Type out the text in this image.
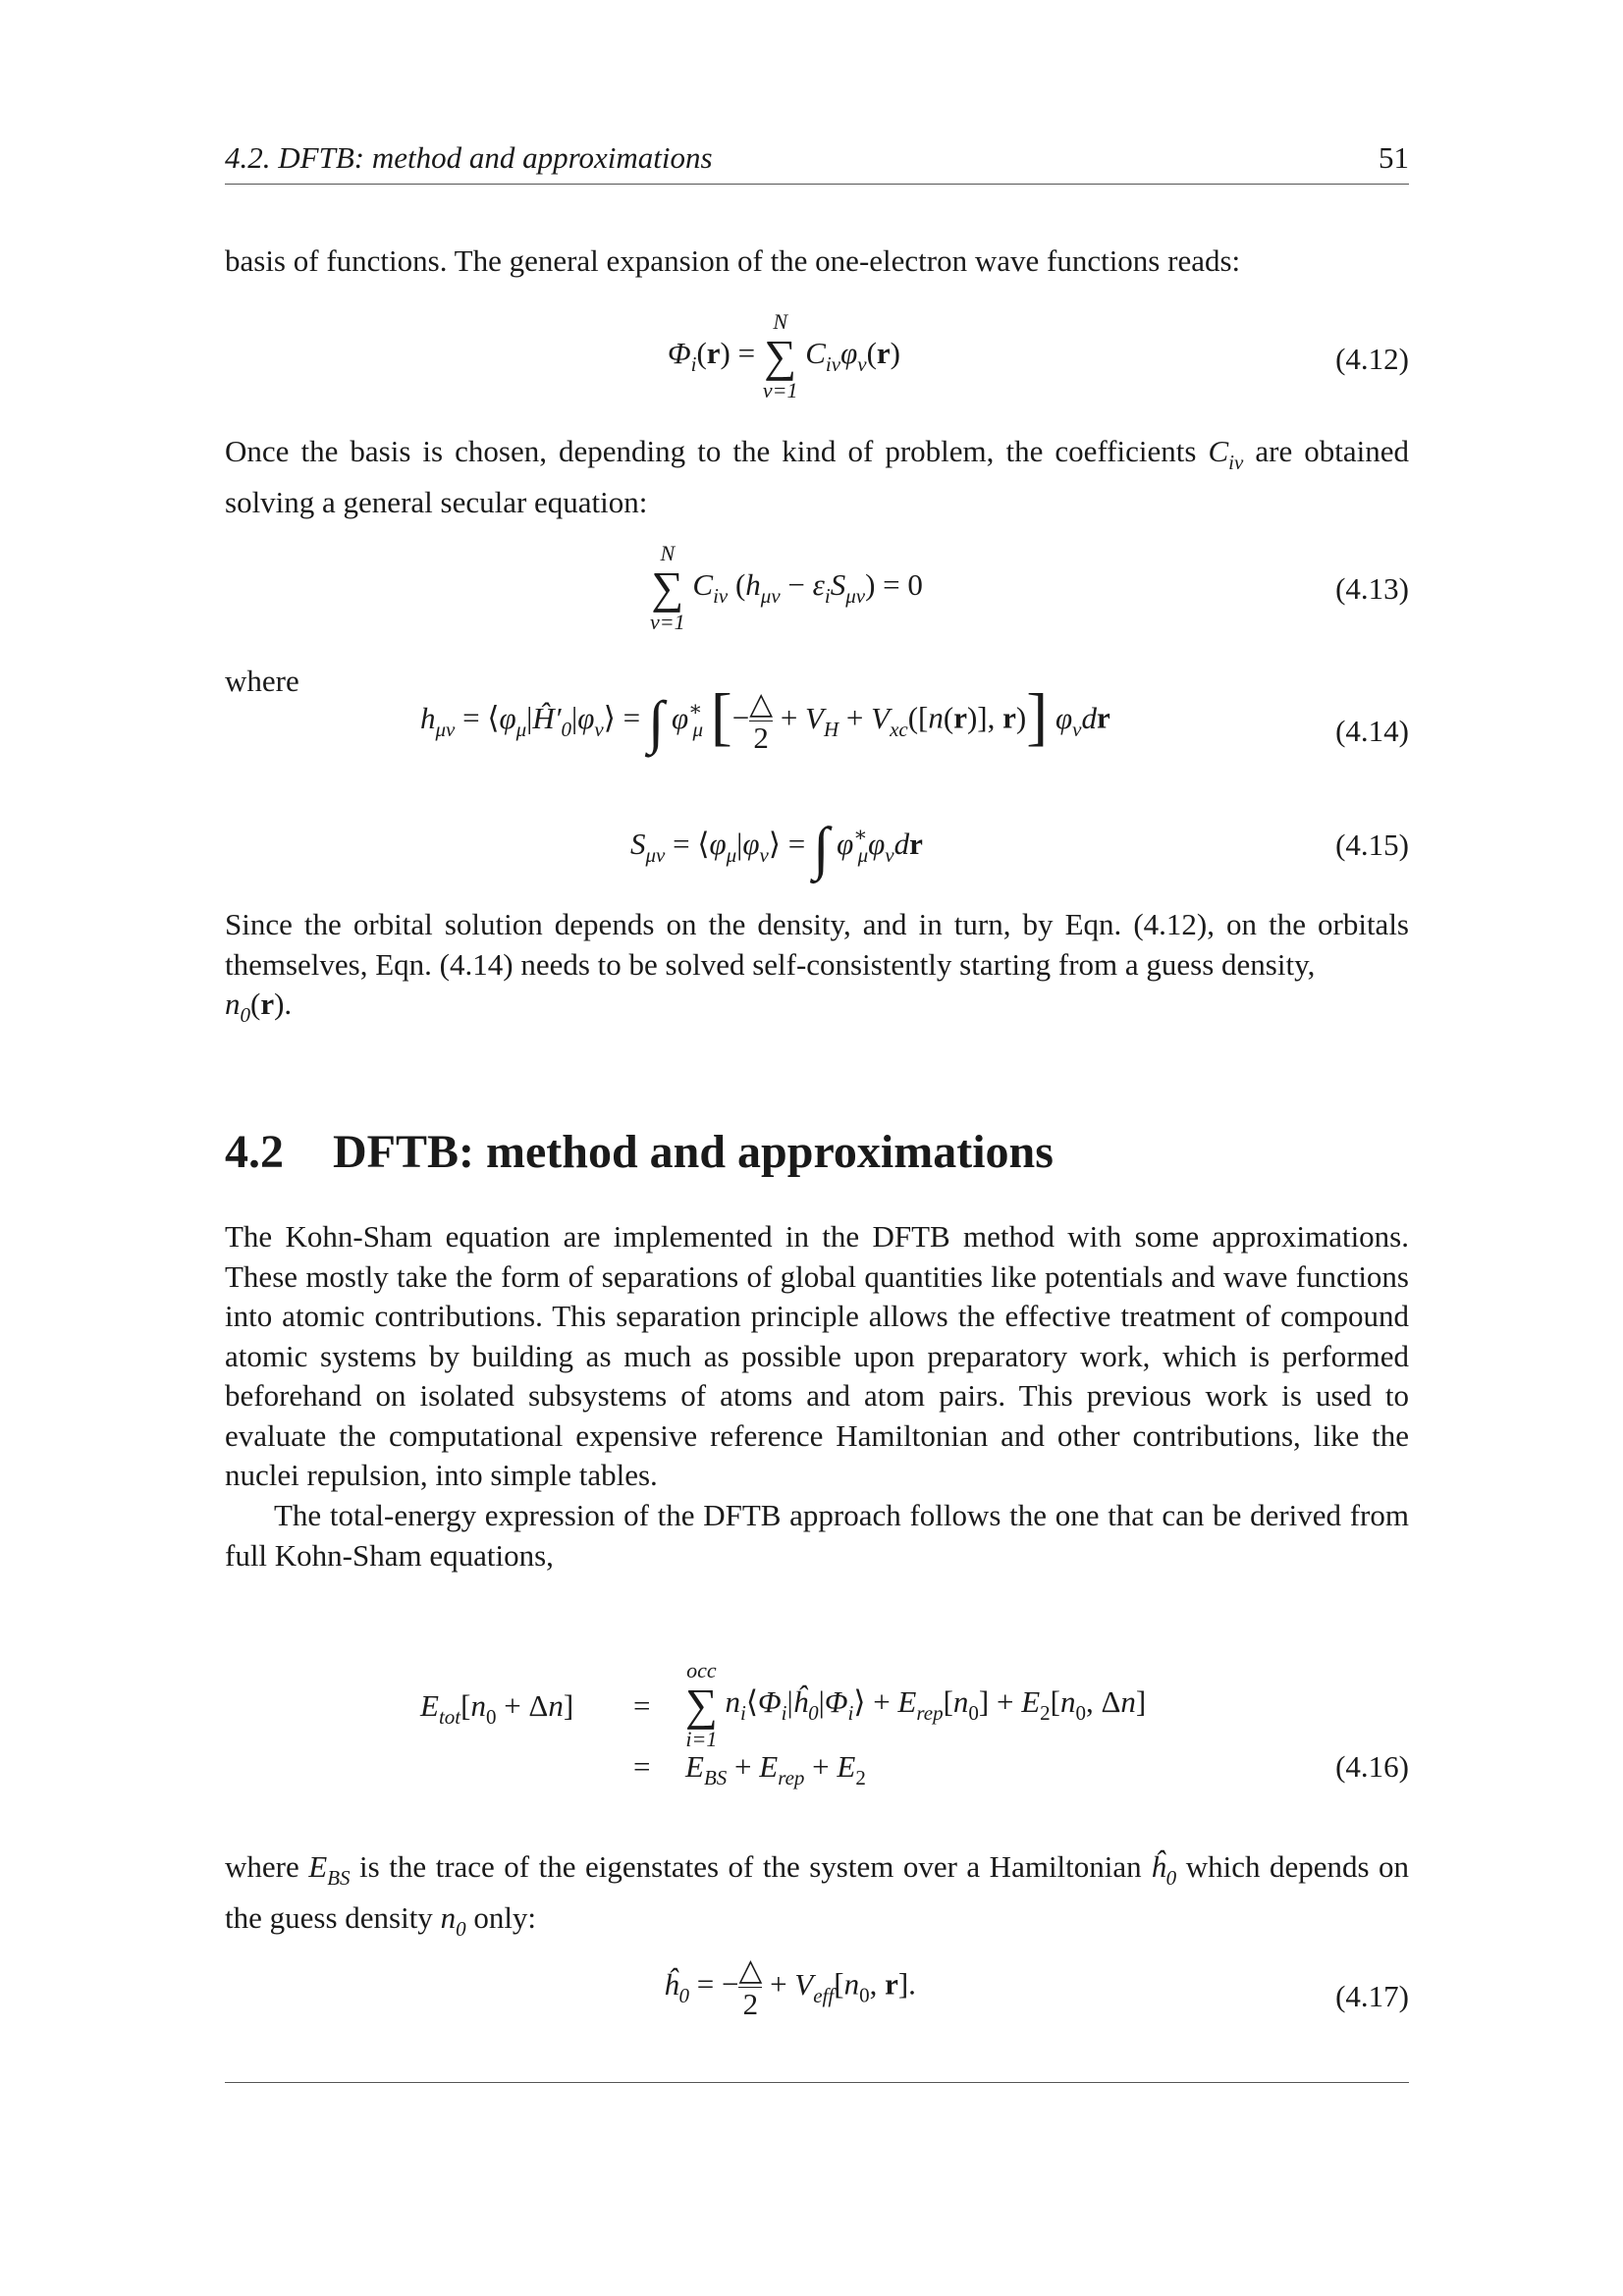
4.2. DFTB: method and approximations	51

basis of functions. The general expansion of the one-electron wave functions reads:

$\Phi_i(r)$ =
N
∑
ν=1
$C_{i\nu}\varphi_\nu(r)$	(4.12)

Once the basis is chosen, depending to the kind of problem, the coefficients $C_{i\nu}$ are obtained solving a general secular equation:

N
∑
ν=1
$C_{i\nu}$ $(h_{\mu\nu} - \varepsilon_iS_{\mu\nu}) = 0$	(4.13)

where

$h_{\mu\nu}$ = $⟨\varphi_\mu|Ĥ'_0|\varphi_\nu⟩$ = ∫ $\varphi^∗_\mu$ [− $\frac{\triangle}{2} + V_H + V_{xc}([n(r)]$, r)] $\varphi_\nu dr$	(4.14)
$S_{\mu\nu}$ = $⟨\varphi_\mu|\varphi_\nu⟩$ = ∫ $\varphi^∗_\mu\varphi_\nu dr$	(4.15)

Since the orbital solution depends on the density, and in turn, by Eqn. (4.12), on the orbitals themselves, Eqn. (4.14) needs to be solved self-consistently starting from a guess density,
$n_0(r)$.

4.2 DFTB: method and approximations

The Kohn-Sham equation are implemented in the DFTB method with some approximations. These mostly take the form of separations of global quantities like potentials and wave functions into atomic contributions. This separation principle allows the effective treatment of compound atomic systems by building as much as possible upon preparatory work, which is performed beforehand on isolated subsystems of atoms and atom pairs. This previous work is used to evaluate the computational expensive reference Hamiltonian and other contributions, like the nuclei repulsion, into simple tables.

The total-energy expression of the DFTB approach follows the one that can be derived from full Kohn-Sham equations,

$E_{tot}[n_0 + \Delta n]$ =
occ
∑
i=1
$n_i⟨\Phi_i|ĥ_0|\Phi_i⟩ + E_{rep}[n_0] + E_2[n_0$, Δn]
= $E_{BS} + E_{rep} + E_2$	(4.16)

where $E_{BS}$ is the trace of the eigenstates of the system over a Hamiltonian $ĥ_0$ which depends on the guess density $n_0$ only:

$ĥ_0$ = − $\frac{\triangle}{2} + V_{eff}[n_0$, r].	(4.17)
